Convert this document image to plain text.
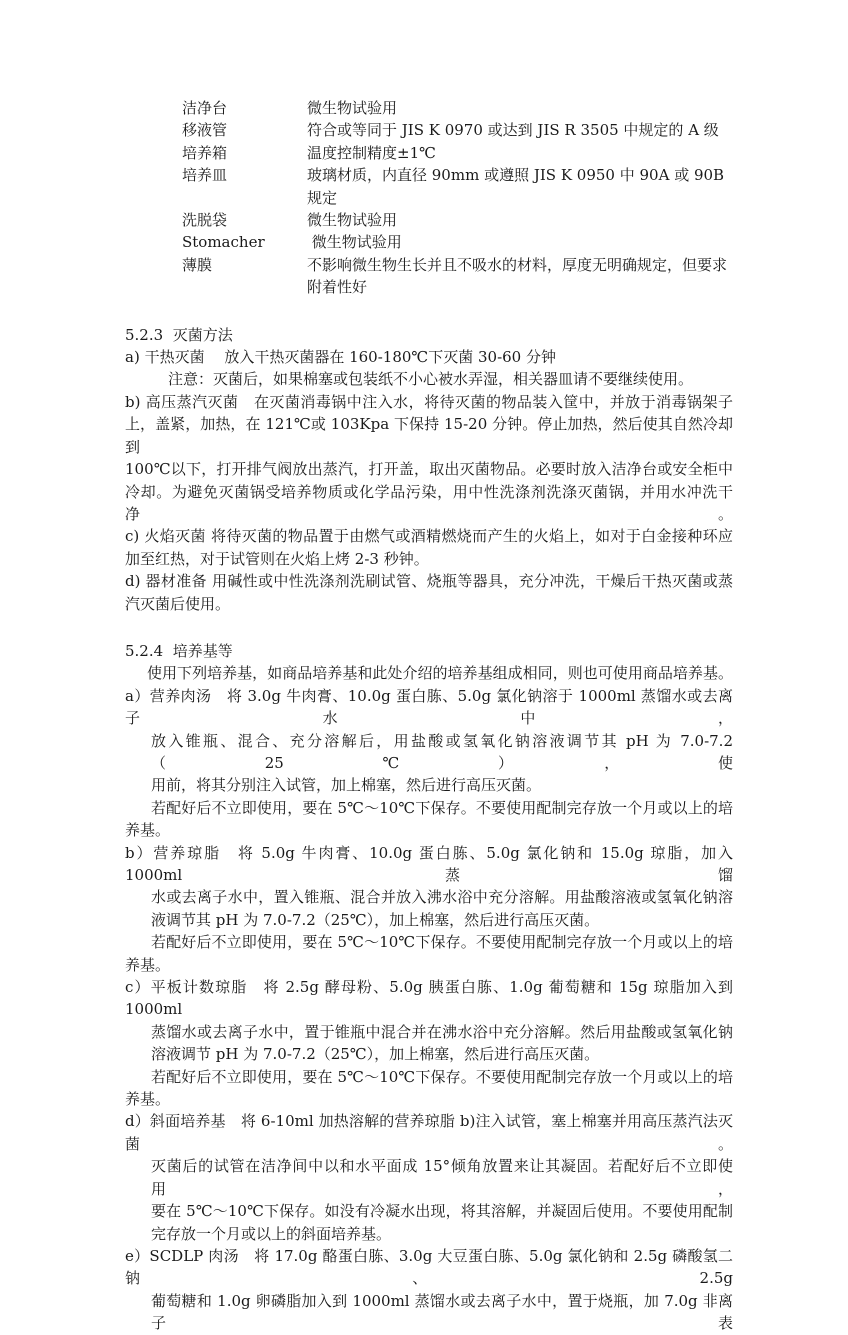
洁净台	微生物试验用
移液管	符合或等同于 JIS K 0970 或达到 JIS R 3505 中规定的 A 级
培养箱	温度控制精度±1℃
培养皿	玻璃材质，内直径 90mm 或遵照 JIS K 0950 中 90A 或 90B 规定
洗脱袋	微生物试验用
Stomacher	微生物试验用
薄膜	不影响微生物生长并且不吸水的材料，厚度无明确规定，但要求
附着性好
5.2.3  灭菌方法
a) 干热灭菌　 放入干热灭菌器在 160-180℃下灭菌 30-60 分钟
注意：灭菌后，如果棉塞或包装纸不小心被水弄湿，相关器皿请不要继续使用。
b) 高压蒸汽灭菌　在灭菌消毒锅中注入水，将待灭菌的物品装入筐中，并放于消毒锅架子
上，盖紧，加热，在 121℃或 103Kpa 下保持 15-20 分钟。停止加热，然后使其自然冷却到
100℃以下，打开排气阀放出蒸汽，打开盖，取出灭菌物品。必要时放入洁净台或安全柜中
冷却。为避免灭菌锅受培养物质或化学品污染，用中性洗涤剂洗涤灭菌锅，并用水冲洗干净。
c) 火焰灭菌 将待灭菌的物品置于由燃气或酒精燃烧而产生的火焰上，如对于白金接种环应
加至红热，对于试管则在火焰上烤 2-3 秒钟。
d) 器材准备 用碱性或中性洗涤剂洗刷试管、烧瓶等器具，充分冲洗，干燥后干热灭菌或蒸
汽灭菌后使用。
5.2.4  培养基等
使用下列培养基，如商品培养基和此处介绍的培养基组成相同，则也可使用商品培养基。
a）营养肉汤　将 3.0g 牛肉膏、10.0g 蛋白胨、5.0g 氯化钠溶于 1000ml 蒸馏水或去离子水中，
放入锥瓶、混合、充分溶解后，用盐酸或氢氧化钠溶液调节其 pH 为 7.0-7.2（25℃），使
用前，将其分别注入试管，加上棉塞，然后进行高压灭菌。
若配好后不立即使用，要在 5℃～10℃下保存。不要使用配制完存放一个月或以上的培
养基。
b）营养琼脂　将 5.0g 牛肉膏、10.0g 蛋白胨、5.0g 氯化钠和 15.0g 琼脂，加入 1000ml 蒸馏
水或去离子水中，置入锥瓶、混合并放入沸水浴中充分溶解。用盐酸溶液或氢氧化钠溶
液调节其 pH 为 7.0-7.2（25℃），加上棉塞，然后进行高压灭菌。
若配好后不立即使用，要在 5℃～10℃下保存。不要使用配制完存放一个月或以上的培
养基。
c）平板计数琼脂　将 2.5g 酵母粉、5.0g 胰蛋白胨、1.0g 葡萄糖和 15g 琼脂加入到 1000ml
蒸馏水或去离子水中，置于锥瓶中混合并在沸水浴中充分溶解。然后用盐酸或氢氧化钠
溶液调节 pH 为 7.0-7.2（25℃），加上棉塞，然后进行高压灭菌。
若配好后不立即使用，要在 5℃～10℃下保存。不要使用配制完存放一个月或以上的培
养基。
d）斜面培养基　将 6-10ml 加热溶解的营养琼脂 b)注入试管，塞上棉塞并用高压蒸汽法灭菌。
灭菌后的试管在洁净间中以和水平面成 15°倾角放置来让其凝固。若配好后不立即使用，
要在 5℃～10℃下保存。如没有冷凝水出现，将其溶解，并凝固后使用。不要使用配制
完存放一个月或以上的斜面培养基。
e）SCDLP 肉汤　将 17.0g 酪蛋白胨、3.0g 大豆蛋白胨、5.0g 氯化钠和 2.5g 磷酸氢二钠、2.5g
葡萄糖和 1.0g 卵磷脂加入到 1000ml 蒸馏水或去离子水中，置于烧瓶，加 7.0g 非离子表
